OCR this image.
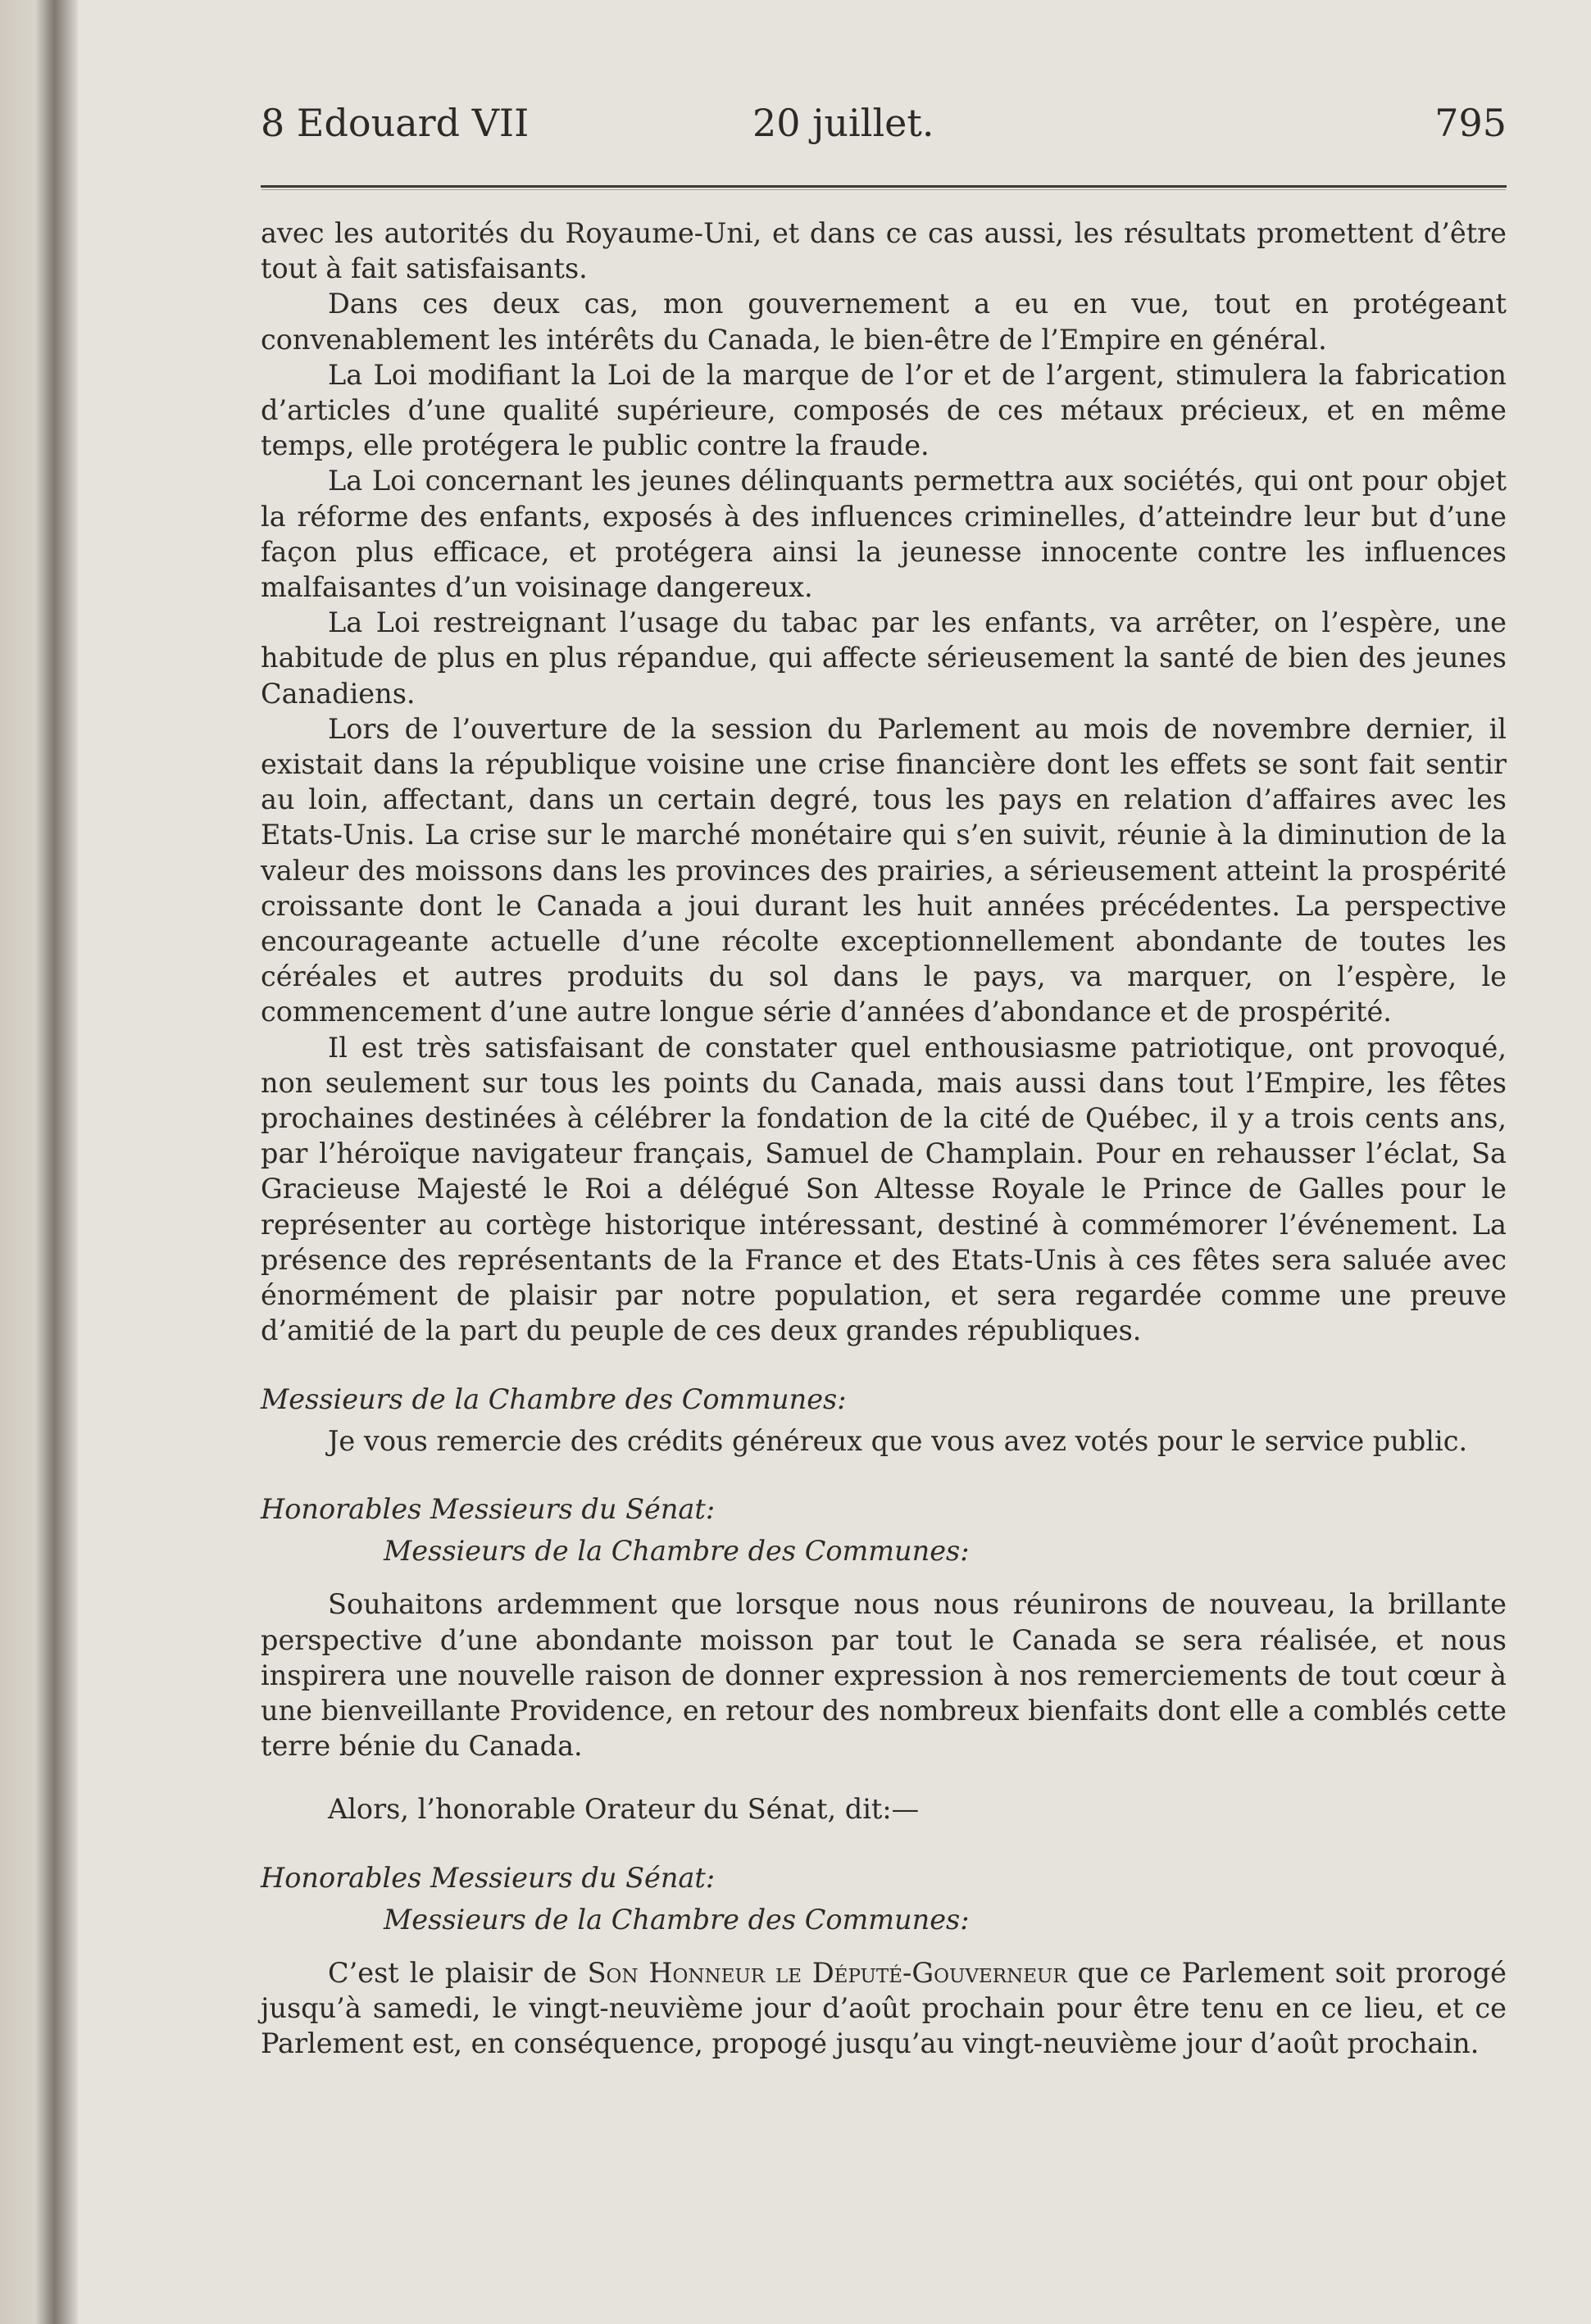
8 Edouard VII	20 juillet.	795

avec les autorités du Royaume-Uni, et dans ce cas aussi, les résultats promettent d’être tout à fait satisfaisants.

Dans ces deux cas, mon gouvernement a eu en vue, tout en protégeant convenablement les intérêts du Canada, le bien-être de l’Empire en général.

La Loi modifiant la Loi de la marque de l’or et de l’argent, stimulera la fabrication d’articles d’une qualité supérieure, composés de ces métaux précieux, et en même temps, elle protégera le public contre la fraude.

La Loi concernant les jeunes délinquants permettra aux sociétés, qui ont pour objet la réforme des enfants, exposés à des influences criminelles, d’atteindre leur but d’une façon plus efficace, et protégera ainsi la jeunesse innocente contre les influences malfaisantes d’un voisinage dangereux.

La Loi restreignant l’usage du tabac par les enfants, va arrêter, on l’espère, une habitude de plus en plus répandue, qui affecte sérieusement la santé de bien des jeunes Canadiens.

Lors de l’ouverture de la session du Parlement au mois de novembre dernier, il existait dans la république voisine une crise financière dont les effets se sont fait sentir au loin, affectant, dans un certain degré, tous les pays en relation d’affaires avec les Etats-Unis. La crise sur le marché monétaire qui s’en suivit, réunie à la diminution de la valeur des moissons dans les provinces des prairies, a sérieusement atteint la prospérité croissante dont le Canada a joui durant les huit années précédentes. La perspective encourageante actuelle d’une récolte exceptionnellement abondante de toutes les céréales et autres produits du sol dans le pays, va marquer, on l’espère, le commencement d’une autre longue série d’années d’abondance et de prospérité.

Il est très satisfaisant de constater quel enthousiasme patriotique, ont provoqué, non seulement sur tous les points du Canada, mais aussi dans tout l’Empire, les fêtes prochaines destinées à célébrer la fondation de la cité de Québec, il y a trois cents ans, par l’héroïque navigateur français, Samuel de Champlain. Pour en rehausser l’éclat, Sa Gracieuse Majesté le Roi a délégué Son Altesse Royale le Prince de Galles pour le représenter au cortège historique intéressant, destiné à commémorer l’événement. La présence des représentants de la France et des Etats-Unis à ces fêtes sera saluée avec énormément de plaisir par notre population, et sera regardée comme une preuve d’amitié de la part du peuple de ces deux grandes républiques.

Messieurs de la Chambre des Communes:

Je vous remercie des crédits généreux que vous avez votés pour le service public.

Honorables Messieurs du Sénat:

Messieurs de la Chambre des Communes:

Souhaitons ardemment que lorsque nous nous réunirons de nouveau, la brillante perspective d’une abondante moisson par tout le Canada se sera réalisée, et nous inspirera une nouvelle raison de donner expression à nos remerciements de tout cœur à une bienveillante Providence, en retour des nombreux bienfaits dont elle a comblés cette terre bénie du Canada.

Alors, l’honorable Orateur du Sénat, dit:—

Honorables Messieurs du Sénat:

Messieurs de la Chambre des Communes:

C’est le plaisir de Son Honneur le Député-Gouverneur que ce Parlement soit prorogé jusqu’à samedi, le vingt-neuvième jour d’août prochain pour être tenu en ce lieu, et ce Parlement est, en conséquence, propogé jusqu’au vingt-neuvième jour d’août prochain.
